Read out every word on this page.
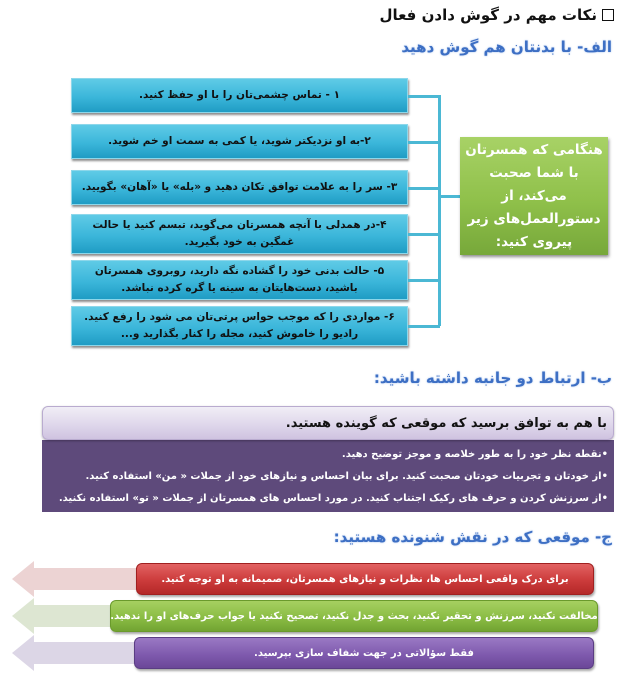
نکات مهم در گوش دادن فعال
الف- با بدنتان هم گوش دهید
۱ - تماس چشمی‌تان را با او حفظ کنید.
۲-به او نزدیکتر شوید، یا کمی به سمت او خم شوید.
۳- سر را به علامت توافق تکان دهید و «بله» یا «آهان» بگویید.
۴-در همدلی با آنچه همسرتان می‌گوید، تبسم کنید یا حالت غمگین به خود بگیرید.
۵- حالت بدنی خود را گشاده نگه دارید، روبروی همسرتان باشید، دست‌هایتان به سینه یا گره کرده نباشد.
۶- مواردی را که موجب حواس پرتی‌تان می شود را رفع کنید. رادیو را خاموش کنید، مجله را کنار بگذارید و...
هنگامی که همسرتان با شما صحبت می‌کند، از دستورالعمل‌های زیر پیروی کنید:
ب- ارتباط دو جانبه داشته باشید:
با هم به توافق برسید که موقعی که گوینده هستید.
•نقطه نظر خود را به طور خلاصه و موجز توضیح دهید.
•از خودتان و تجربیات خودتان صحبت کنید. برای بیان احساس و نیازهای خود از جملات « من» استفاده کنید.
•از سرزنش کردن و حرف های رکیک اجتناب کنید. در مورد احساس های همسرتان از جملات « تو» استفاده نکنید.
ج- موقعی که در نقش شنونده هستید:
برای درک واقعی احساس ها، نظرات و نیازهای همسرتان، صمیمانه به او توجه کنید.
مخالفت نکنید، سرزنش و تحقیر نکنید، بحث و جدل نکنید، تصحیح نکنید یا جواب حرف‌های او را ندهید.
فقط سؤالاتی در جهت شفاف سازی بپرسید.
